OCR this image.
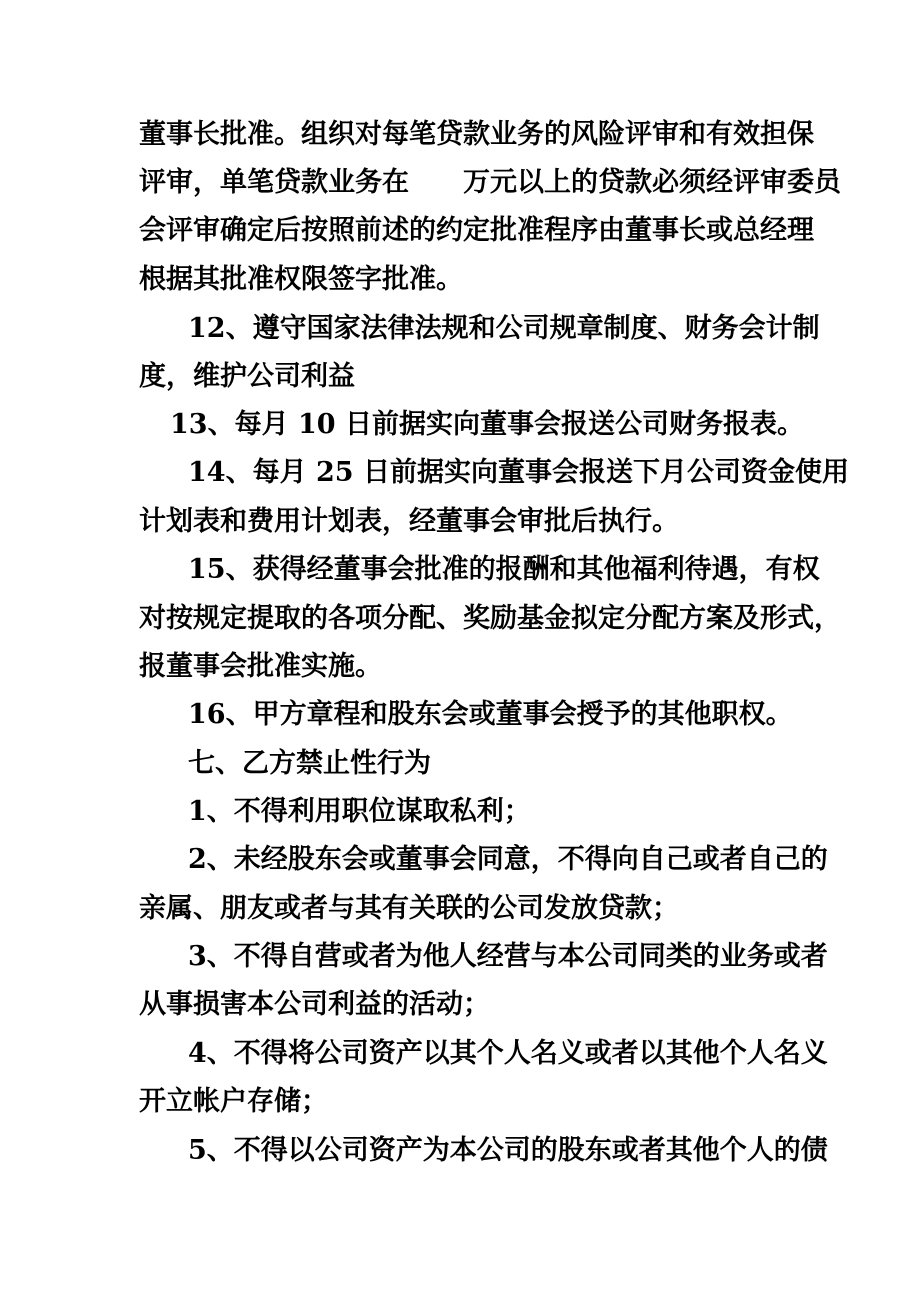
董事长批准。组织对每笔贷款业务的风险评审和有效担保
评审，单笔贷款业务在　　万元以上的贷款必须经评审委员
会评审确定后按照前述的约定批准程序由董事长或总经理
根据其批准权限签字批准。
12、遵守国家法律法规和公司规章制度、财务会计制
度，维护公司利益
13、每月 10 日前据实向董事会报送公司财务报表。
14、每月 25 日前据实向董事会报送下月公司资金使用
计划表和费用计划表，经董事会审批后执行。
15、获得经董事会批准的报酬和其他福利待遇，有权
对按规定提取的各项分配、奖励基金拟定分配方案及形式，
报董事会批准实施。
16、甲方章程和股东会或董事会授予的其他职权。
七、乙方禁止性行为
1、不得利用职位谋取私利；
2、未经股东会或董事会同意，不得向自己或者自己的
亲属、朋友或者与其有关联的公司发放贷款；
3、不得自营或者为他人经营与本公司同类的业务或者
从事损害本公司利益的活动；
4、不得将公司资产以其个人名义或者以其他个人名义
开立帐户存储；
5、不得以公司资产为本公司的股东或者其他个人的债
